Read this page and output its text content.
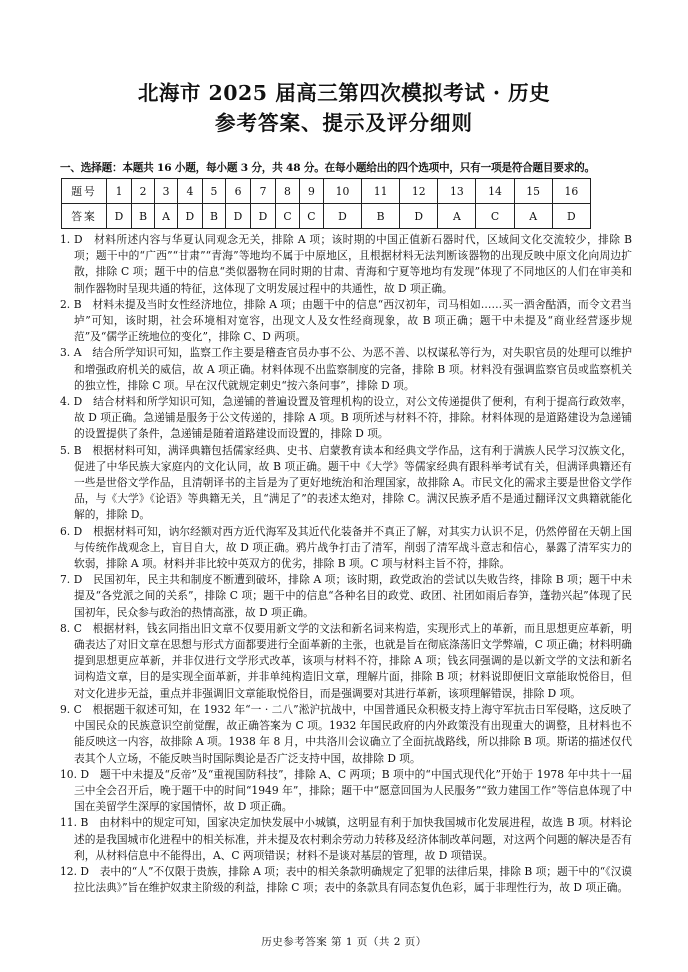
北海市 2025 届高三第四次模拟考试 · 历史
参考答案、提示及评分细则
一、选择题：本题共 16 小题，每小题 3 分，共 48 分。在每小题给出的四个选项中，只有一项是符合题目要求的。
题号	1	2	3	4	5	6	7	8	9	10	11	12	13	14	15	16
答案	D	B	A	D	B	D	D	C	C	D	B	D	A	C	A	D

1. D　 材料所述内容与华夏认同观念无关，排除 A 项；该时期的中国正值新石器时代，区域间文化交流较少，排除 B 项；题干中的“广西”“甘肃”“青海”等地均不属于中原地区，且根据材料无法判断该器物的出现反映中原文化向周边扩散，排除 C 项；题干中的信息“类似器物在同时期的甘肃、青海和宁夏等地均有发现”体现了不同地区的人们在审美和制作器物时呈现共通的特征，这体现了文明发展过程中的共通性，故 D 项正确。

2. B　 材料未提及当时女性经济地位，排除 A 项；由题干中的信息“西汉初年，司马相如……买一酒舍酤酒，而令文君当垆”可知，该时期，社会环境相对宽容，出现文人及女性经商现象，故 B 项正确；题干中未提及“商业经营逐步规范”及“儒学正统地位的变化”，排除 C、D 两项。

3. A　 结合所学知识可知，监察工作主要是稽查官员办事不公、为恶不善、以权谋私等行为，对失职官员的处理可以维护和增强政府机关的威信，故 A 项正确。材料体现不出监察制度的完备，排除 B 项。材料没有强调监察官员或监察机关的独立性，排除 C 项。早在汉代就规定刺史“按六条问事”，排除 D 项。

4. D　 结合材料和所学知识可知，急递铺的普遍设置及管理机构的设立，对公文传递提供了便利，有利于提高行政效率，故 D 项正确。急递铺是服务于公文传递的，排除 A 项。B 项所述与材料不符，排除。材料体现的是道路建设为急递铺的设置提供了条件，急递铺是随着道路建设而设置的，排除 D 项。

5. B　 根据材料可知，满译典籍包括儒家经典、史书、启蒙教育读本和经典文学作品，这有利于满族人民学习汉族文化，促进了中华民族大家庭内的文化认同，故 B 项正确。题干中《大学》等儒家经典有跟科举考试有关，但满译典籍还有一些是世俗文学作品，且清朝译书的主旨是为了更好地统治和治理国家，故排除 A。市民文化的需求主要是世俗文学作品，与《大学》《论语》等典籍无关，且“满足了”的表述太绝对，排除 C。满汉民族矛盾不是通过翻译汉文典籍就能化解的，排除 D。

6. D　 根据材料可知，讷尔经额对西方近代海军及其近代化装备并不真正了解，对其实力认识不足，仍然停留在天朝上国与传统作战观念上，盲目自大，故 D 项正确。鸦片战争打击了清军，削弱了清军战斗意志和信心，暴露了清军实力的软弱，排除 A 项。材料并非比较中英双方的优劣，排除 B 项。C 项与材料主旨不符，排除。

7. D　 民国初年，民主共和制度不断遭到破坏，排除 A 项；该时期，政党政治的尝试以失败告终，排除 B 项；题干中未提及“各党派之间的关系”，排除 C 项；题干中的信息“各种名目的政党、政团、社团如雨后春笋，蓬勃兴起”体现了民国初年，民众参与政治的热情高涨，故 D 项正确。

8. C　 根据材料，钱玄同指出旧文章不仅要用新文学的文法和新名词来构造，实现形式上的革新，而且思想更应革新，明确表达了对旧文章在思想与形式方面都要进行全面革新的主张，也就是旨在彻底涤荡旧文学弊端，C 项正确；材料明确提到思想更应革新，并非仅进行文学形式改革，该项与材料不符，排除 A 项；钱玄同强调的是以新文学的文法和新名词构造文章，目的是实现全面革新，并非单纯构造旧文章，理解片面，排除 B 项；材料说即便旧文章能取悦俗目，但对文化进步无益，重点并非强调旧文章能取悦俗目，而是强调要对其进行革新，该项理解错误，排除 D 项。

9. C　 根据题干叙述可知，在 1932 年“一 · 二八”淞沪抗战中，中国普通民众积极支持上海守军抗击日军侵略，这反映了中国民众的民族意识空前觉醒，故正确答案为 C 项。1932 年国民政府的内外政策没有出现重大的调整，且材料也不能反映这一内容，故排除 A 项。1938 年 8 月，中共洛川会议确立了全面抗战路线，所以排除 B 项。斯诺的描述仅代表其个人立场，不能反映当时国际舆论是否广泛支持中国，故排除 D 项。

10. D　 题干中未提及“反帝”及“重视国防科技”，排除 A、C 两项；B 项中的“中国式现代化”开始于 1978 年中共十一届三中全会召开后，晚于题干中的时间“1949 年”，排除；题干中“愿意回国为人民服务”“致力建国工作”等信息体现了中国在美留学生深厚的家国情怀，故 D 项正确。

11. B　 由材料中的规定可知，国家决定加快发展中小城镇，这明显有利于加快我国城市化发展进程，故选 B 项。材料论述的是我国城市化进程中的相关标准，并未提及农村剩余劳动力转移及经济体制改革问题，对这两个问题的解决是否有利，从材料信息中不能得出，A、C 两项错误；材料不是谈对基层的管理，故 D 项错误。

12. D　 表中的“人”不仅限于贵族，排除 A 项；表中的相关条款明确规定了犯罪的法律后果，排除 B 项；题干中的“《汉谟拉比法典》”旨在维护奴隶主阶级的利益，排除 C 项；表中的条款具有同态复仇色彩，属于非理性行为，故 D 项正确。

历史参考答案 第 1 页（共 2 页）
